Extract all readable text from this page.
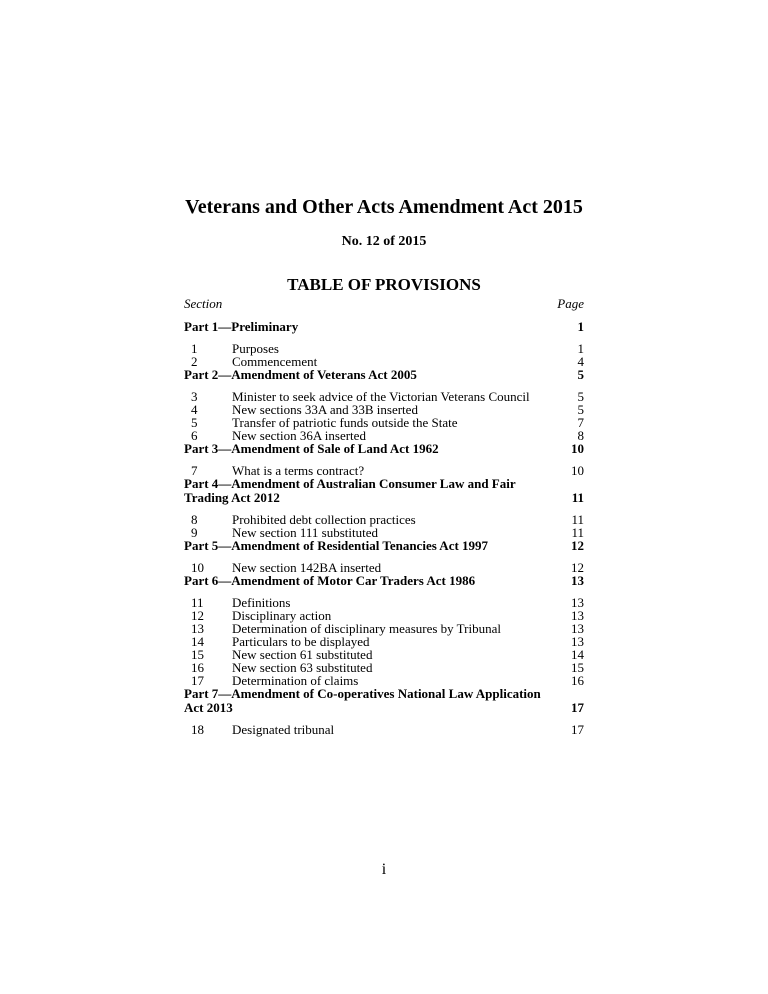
Veterans and Other Acts Amendment Act 2015
No. 12 of 2015
TABLE OF PROVISIONS
Section	Page
Part 1—Preliminary	1
1	Purposes	1
2	Commencement	4
Part 2—Amendment of Veterans Act 2005	5
3	Minister to seek advice of the Victorian Veterans Council	5
4	New sections 33A and 33B inserted	5
5	Transfer of patriotic funds outside the State	7
6	New section 36A inserted	8
Part 3—Amendment of Sale of Land Act 1962	10
7	What is a terms contract?	10
Part 4—Amendment of Australian Consumer Law and Fair Trading Act 2012	11
8	Prohibited debt collection practices	11
9	New section 111 substituted	11
Part 5—Amendment of Residential Tenancies Act 1997	12
10	New section 142BA inserted	12
Part 6—Amendment of Motor Car Traders Act 1986	13
11	Definitions	13
12	Disciplinary action	13
13	Determination of disciplinary measures by Tribunal	13
14	Particulars to be displayed	13
15	New section 61 substituted	14
16	New section 63 substituted	15
17	Determination of claims	16
Part 7—Amendment of Co-operatives National Law Application Act 2013	17
18	Designated tribunal	17
i
